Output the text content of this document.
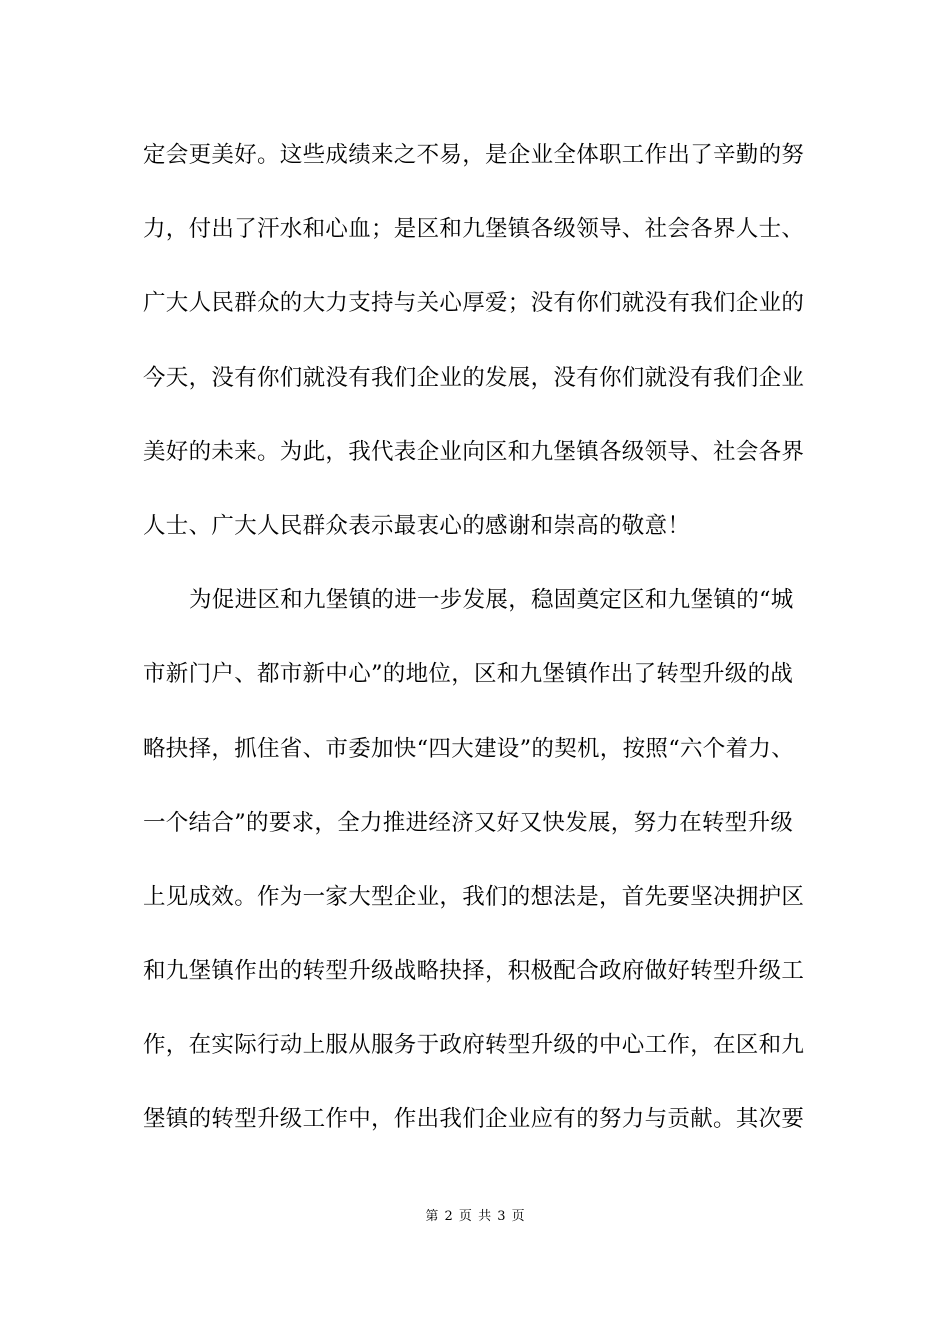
定会更美好。这些成绩来之不易，是企业全体职工作出了辛勤的努
力，付出了汗水和心血；是区和九堡镇各级领导、社会各界人士、
广大人民群众的大力支持与关心厚爱；没有你们就没有我们企业的
今天，没有你们就没有我们企业的发展，没有你们就没有我们企业
美好的未来。为此，我代表企业向区和九堡镇各级领导、社会各界
人士、广大人民群众表示最衷心的感谢和崇高的敬意！
为促进区和九堡镇的进一步发展，稳固奠定区和九堡镇的“城
市新门户、都市新中心”的地位，区和九堡镇作出了转型升级的战
略抉择，抓住省、市委加快“四大建设”的契机，按照“六个着力、
一个结合”的要求，全力推进经济又好又快发展，努力在转型升级
上见成效。作为一家大型企业，我们的想法是，首先要坚决拥护区
和九堡镇作出的转型升级战略抉择，积极配合政府做好转型升级工
作，在实际行动上服从服务于政府转型升级的中心工作，在区和九
堡镇的转型升级工作中，作出我们企业应有的努力与贡献。其次要
第 2 页 共 3 页
